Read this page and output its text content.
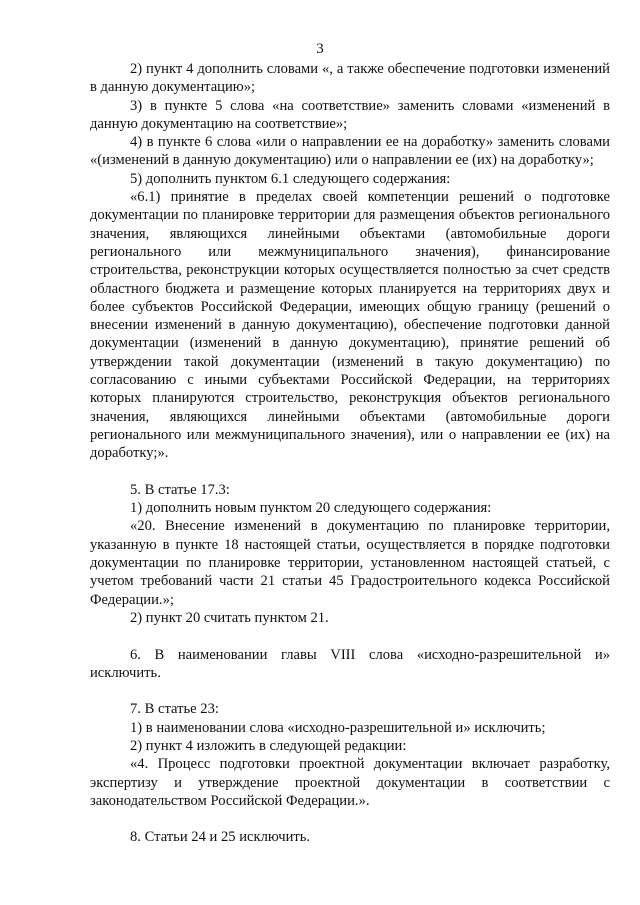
3

2) пункт 4 дополнить словами «, а также обеспечение подготовки изменений в данную документацию»;

3) в пункте 5 слова «на соответствие» заменить словами «изменений в данную документацию на соответствие»;

4) в пункте 6 слова «или о направлении ее на доработку» заменить словами «(изменений в данную документацию) или о направлении ее (их) на доработку»;

5) дополнить пунктом 6.1 следующего содержания:

«6.1) принятие в пределах своей компетенции решений о подготовке документации по планировке территории для размещения объектов регионального значения, являющихся линейными объектами (автомобильные дороги регионального или межмуниципального значения), финансирование строительства, реконструкции которых осуществляется полностью за счет средств областного бюджета и размещение которых планируется на территориях двух и более субъектов Российской Федерации, имеющих общую границу (решений о внесении изменений в данную документацию), обеспечение подготовки данной документации (изменений в данную документацию), принятие решений об утверждении такой документации (изменений в такую документацию) по согласованию с иными субъектами Российской Федерации, на территориях которых планируются строительство, реконструкция объектов регионального значения, являющихся линейными объектами (автомобильные дороги регионального или межмуниципального значения), или о направлении ее (их) на доработку;».

5. В статье 17.3:

1) дополнить новым пунктом 20 следующего содержания:

«20. Внесение изменений в документацию по планировке территории, указанную в пункте 18 настоящей статьи, осуществляется в порядке подготовки документации по планировке территории, установленном настоящей статьей, с учетом требований части 21 статьи 45 Градостроительного кодекса Российской Федерации.»;

2) пункт 20 считать пунктом 21.

6. В наименовании главы VIII слова «исходно-разрешительной и» исключить.

7. В статье 23:

1) в наименовании слова «исходно-разрешительной и» исключить;

2) пункт 4 изложить в следующей редакции:

«4. Процесс подготовки проектной документации включает разработку, экспертизу и утверждение проектной документации в соответствии с законодательством Российской Федерации.».

8. Статьи 24 и 25 исключить.
